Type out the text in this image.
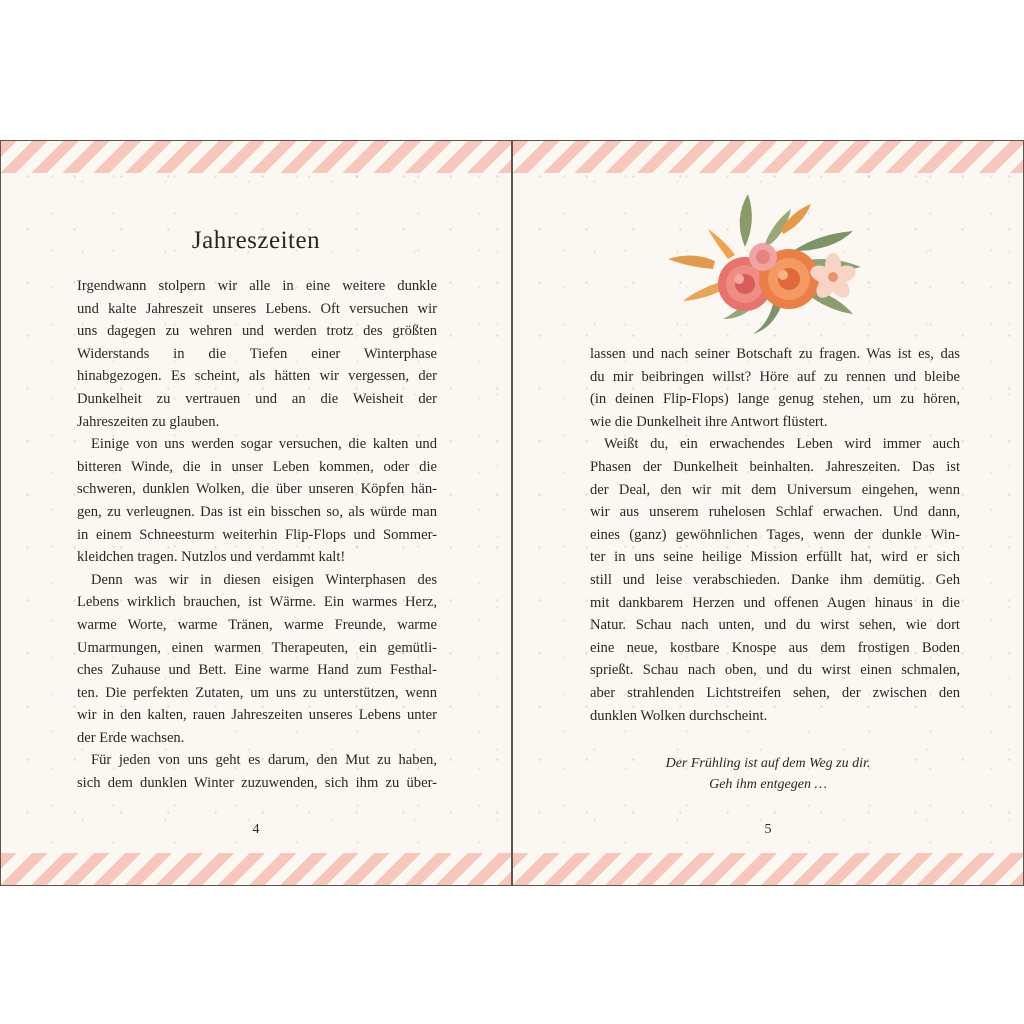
Jahreszeiten

Irgendwann stolpern wir alle in eine weitere dunkle
und kalte Jahreszeit unseres Lebens. Oft versuchen wir
uns dagegen zu wehren und werden trotz des größten
Widerstands in die Tiefen einer Winterphase
hinabgezogen. Es scheint, als hätten wir vergessen, der
Dunkelheit zu vertrauen und an die Weisheit der
Jahreszeiten zu glauben.

Einige von uns werden sogar versuchen, die kalten und
bitteren Winde, die in unser Leben kommen, oder die
schweren, dunklen Wolken, die über unseren Köpfen hän-
gen, zu verleugnen. Das ist ein bisschen so, als würde man
in einem Schneesturm weiterhin Flip-Flops und Sommer-
kleidchen tragen. Nutzlos und verdammt kalt!

Denn was wir in diesen eisigen Winterphasen des
Lebens wirklich brauchen, ist Wärme. Ein warmes Herz,
warme Worte, warme Tränen, warme Freunde, warme
Umarmungen, einen warmen Therapeuten, ein gemütli-
ches Zuhause und Bett. Eine warme Hand zum Festhal-
ten. Die perfekten Zutaten, um uns zu unterstützen, wenn
wir in den kalten, rauen Jahreszeiten unseres Lebens unter
der Erde wachsen.

Für jeden von uns geht es darum, den Mut zu haben,
sich dem dunklen Winter zuzuwenden, sich ihm zu über-

4

lassen und nach seiner Botschaft zu fragen. Was ist es, das
du mir beibringen willst? Höre auf zu rennen und bleibe
(in deinen Flip-Flops) lange genug stehen, um zu hören,
wie die Dunkelheit ihre Antwort flüstert.

Weißt du, ein erwachendes Leben wird immer auch
Phasen der Dunkelheit beinhalten. Jahreszeiten. Das ist
der Deal, den wir mit dem Universum eingehen, wenn
wir aus unserem ruhelosen Schlaf erwachen. Und dann,
eines (ganz) gewöhnlichen Tages, wenn der dunkle Win-
ter in uns seine heilige Mission erfüllt hat, wird er sich
still und leise verabschieden. Danke ihm demütig. Geh
mit dankbarem Herzen und offenen Augen hinaus in die
Natur. Schau nach unten, und du wirst sehen, wie dort
eine neue, kostbare Knospe aus dem frostigen Boden
sprießt. Schau nach oben, und du wirst einen schmalen,
aber strahlenden Lichtstreifen sehen, der zwischen den
dunklen Wolken durchscheint.

Der Frühling ist auf dem Weg zu dir.
Geh ihm entgegen …
5
